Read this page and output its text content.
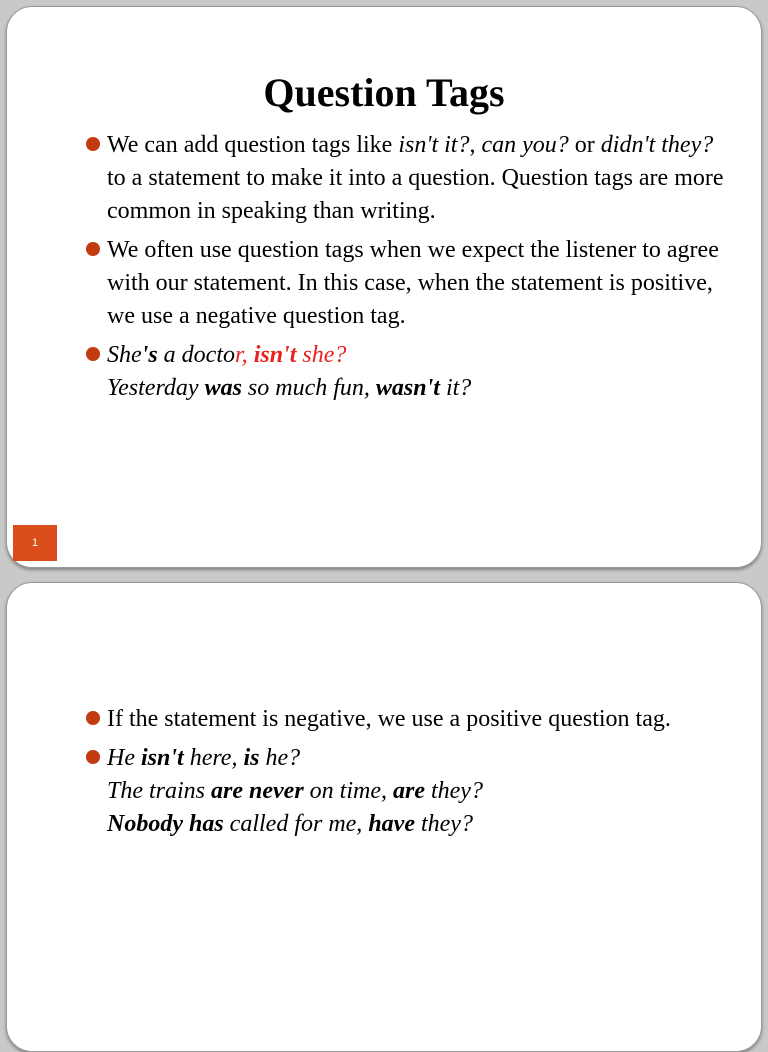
Question Tags
We can add question tags like isn't it?, can you? or didn't they? to a statement to make it into a question. Question tags are more common in speaking than writing.
We often use question tags when we expect the listener to agree with our statement. In this case, when the statement is positive, we use a negative question tag.
She's a doctor, isn't she?
Yesterday was so much fun, wasn't it?
1
If the statement is negative, we use a positive question tag.
He isn't here, is he?
The trains are never on time, are they?
Nobody has called for me, have they?
